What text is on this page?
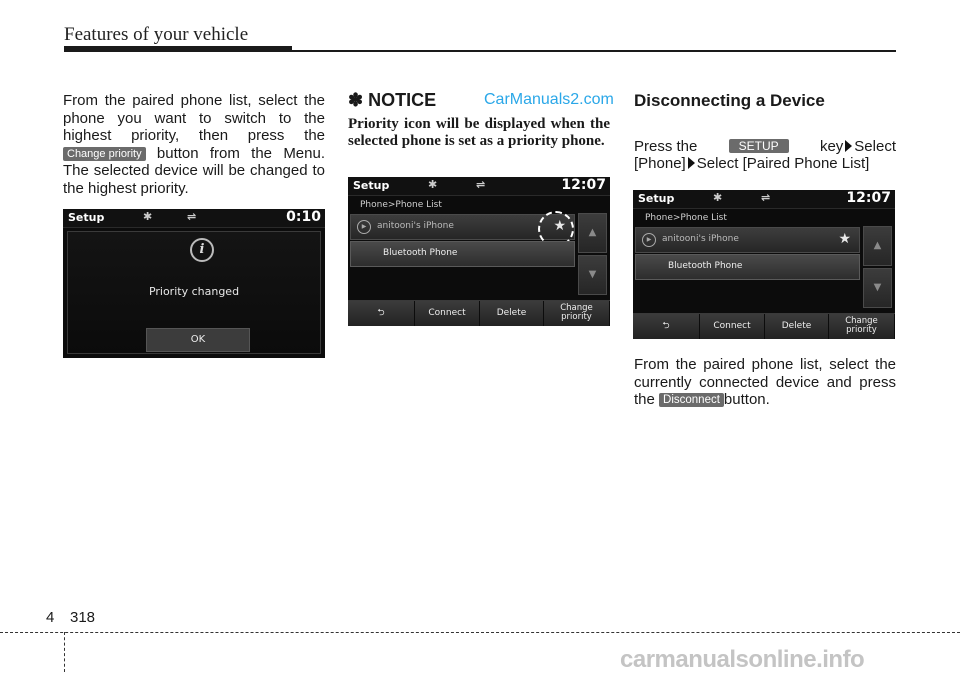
Features of your vehicle
From the paired phone list, select the phone you want to switch to the highest priority, then press the Change priority button from the Menu. The selected device will be changed to the highest priority.
Setup	✱	⇌	0:10
i
Priority changed
OK
✽ NOTICE
Priority icon will be displayed when the selected phone is set as a priority phone.
CarManuals2.com
Setup	✱	⇌	12:07
Phone>Phone List
▶	anitooni's iPhone	★
Bluetooth Phone
▲
▼
⮌	Connect	Delete	Change
priority
Disconnecting a Device
Press the	SETUP	key Select
[Phone] Select [Paired Phone List]
Setup	✱	⇌	12:07
Phone>Phone List
▶	anitooni's iPhone	★
Bluetooth Phone
▲
▼
⮌	Connect	Delete	Change
priority
From the paired phone list, select the currently connected device and press the Disconnect button.
4 318
carmanualsonline.info
